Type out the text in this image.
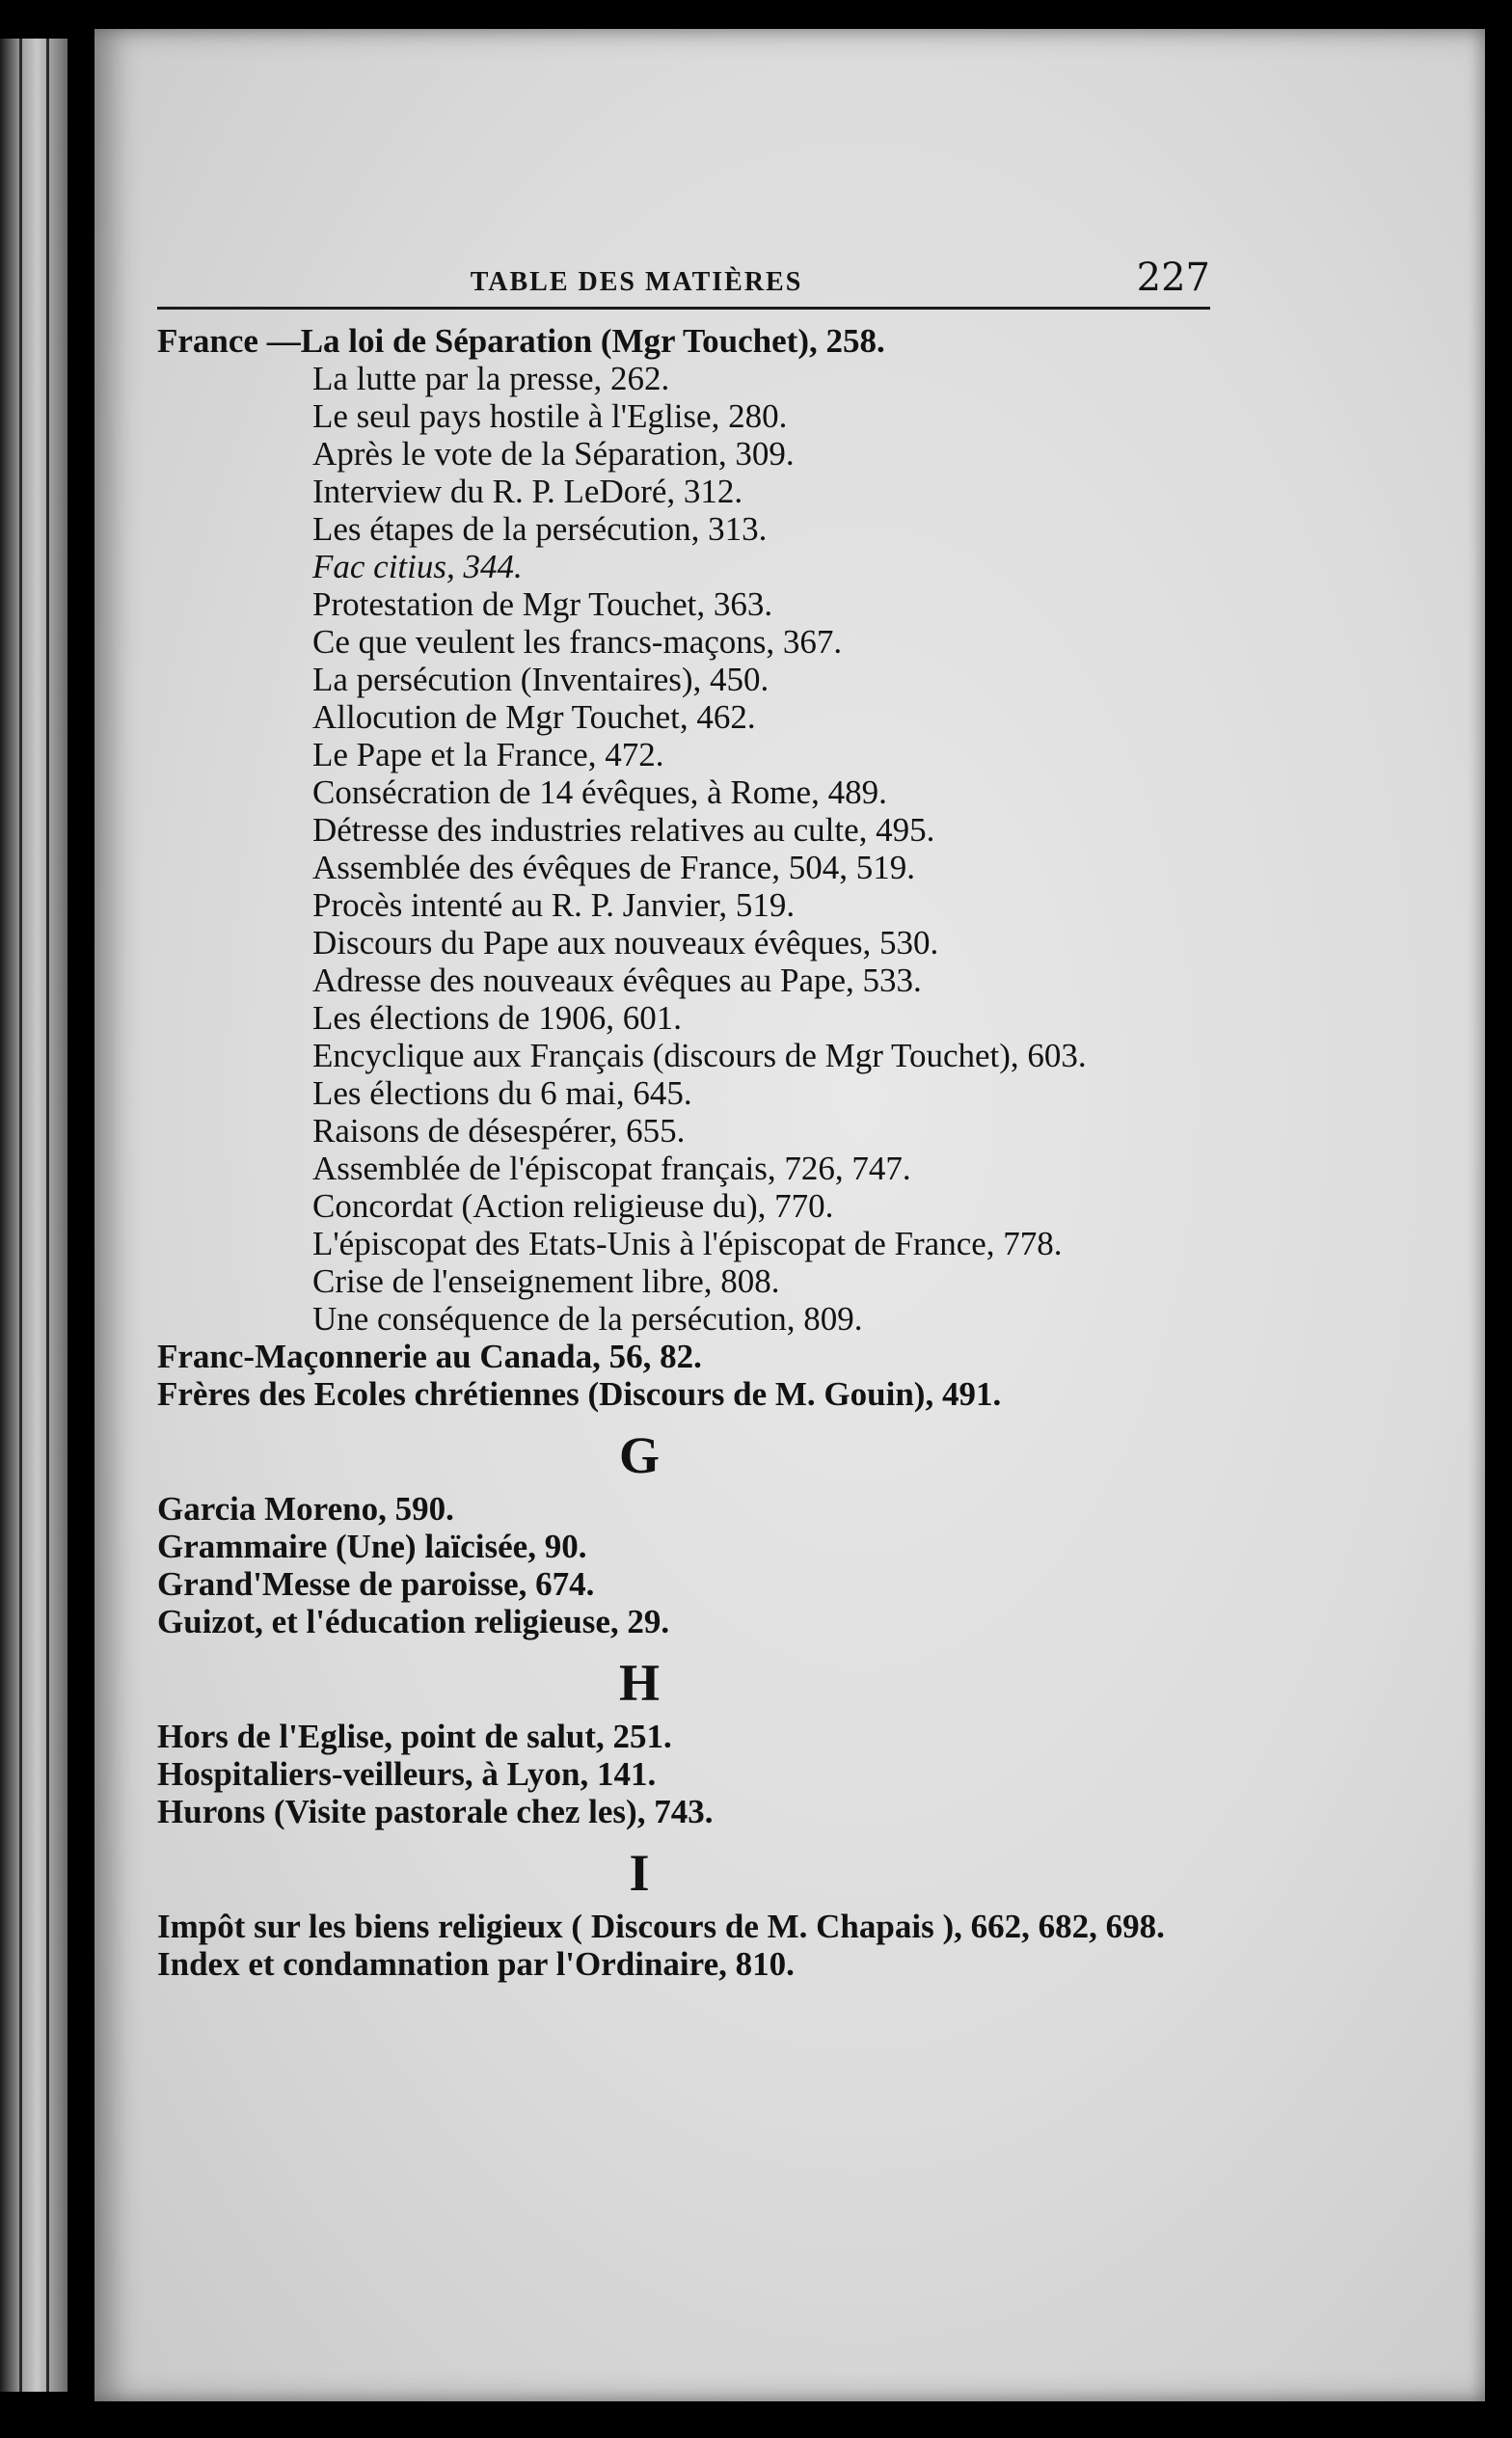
TABLE DES MATIÈRES	227

France —La loi de Séparation (Mgr Touchet), 258.

La lutte par la presse, 262.

Le seul pays hostile à l'Eglise, 280.

Après le vote de la Séparation, 309.

Interview du R. P. LeDoré, 312.

Les étapes de la persécution, 313.

Fac citius, 344.

Protestation de Mgr Touchet, 363.

Ce que veulent les francs-maçons, 367.

La persécution (Inventaires), 450.

Allocution de Mgr Touchet, 462.

Le Pape et la France, 472.

Consécration de 14 évêques, à Rome, 489.

Détresse des industries relatives au culte, 495.

Assemblée des évêques de France, 504, 519.

Procès intenté au R. P. Janvier, 519.

Discours du Pape aux nouveaux évêques, 530.

Adresse des nouveaux évêques au Pape, 533.

Les élections de 1906, 601.

Encyclique aux Français (discours de Mgr Touchet), 603.

Les élections du 6 mai, 645.

Raisons de désespérer, 655.

Assemblée de l'épiscopat français, 726, 747.

Concordat (Action religieuse du), 770.

L'épiscopat des Etats-Unis à l'épiscopat de France, 778.

Crise de l'enseignement libre, 808.

Une conséquence de la persécution, 809.

Franc-Maçonnerie au Canada, 56, 82.

Frères des Ecoles chrétiennes (Discours de M. Gouin), 491.

G

Garcia Moreno, 590.

Grammaire (Une) laïcisée, 90.

Grand'Messe de paroisse, 674.

Guizot, et l'éducation religieuse, 29.

H

Hors de l'Eglise, point de salut, 251.

Hospitaliers-veilleurs, à Lyon, 141.

Hurons (Visite pastorale chez les), 743.

I

Impôt sur les biens religieux ( Discours de M. Chapais ), 662, 682, 698.

Index et condamnation par l'Ordinaire, 810.
